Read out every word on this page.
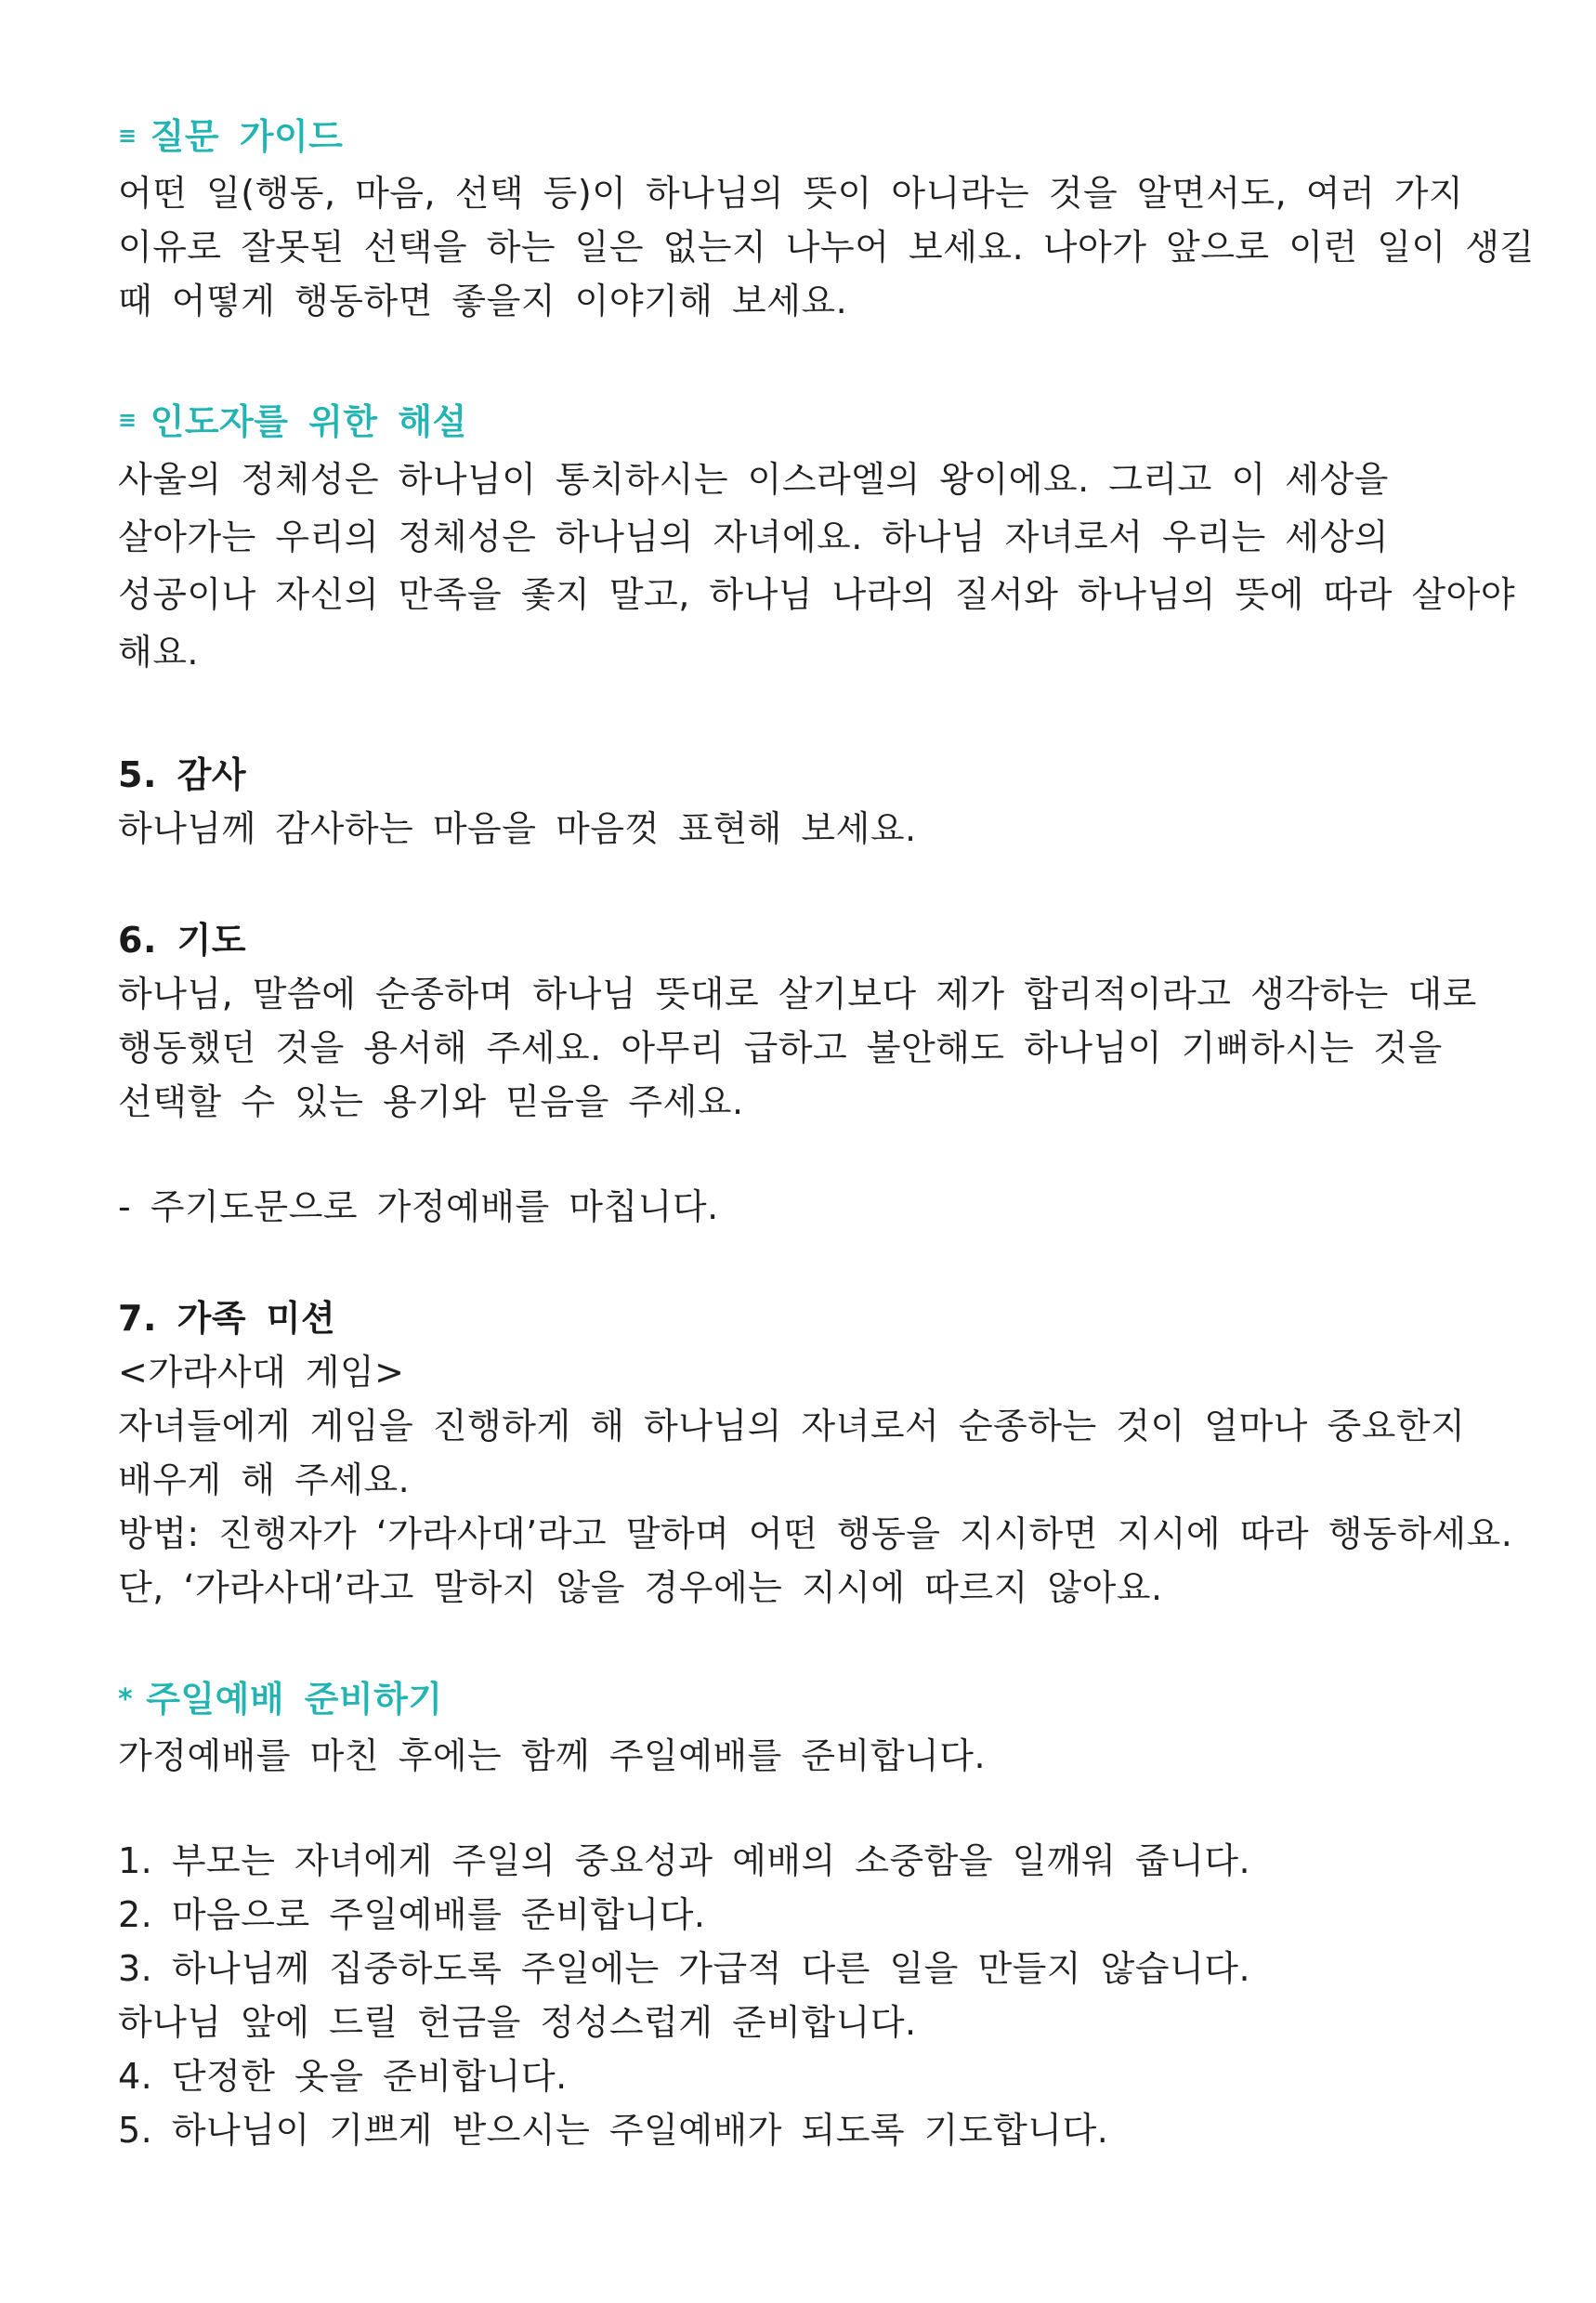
≡ 질문 가이드
어떤 일(행동, 마음, 선택 등)이 하나님의 뜻이 아니라는 것을 알면서도, 여러 가지
이유로 잘못된 선택을 하는 일은 없는지 나누어 보세요. 나아가 앞으로 이런 일이 생길
때 어떻게 행동하면 좋을지 이야기해 보세요.
≡ 인도자를 위한 해설
사울의 정체성은 하나님이 통치하시는 이스라엘의 왕이에요. 그리고 이 세상을
살아가는 우리의 정체성은 하나님의 자녀에요. 하나님 자녀로서 우리는 세상의
성공이나 자신의 만족을 좇지 말고, 하나님 나라의 질서와 하나님의 뜻에 따라 살아야
해요.
5. 감사
하나님께 감사하는 마음을 마음껏 표현해 보세요.
6. 기도
하나님, 말씀에 순종하며 하나님 뜻대로 살기보다 제가 합리적이라고 생각하는 대로
행동했던 것을 용서해 주세요. 아무리 급하고 불안해도 하나님이 기뻐하시는 것을
선택할 수 있는 용기와 믿음을 주세요.
- 주기도문으로 가정예배를 마칩니다.
7. 가족 미션
<가라사대 게임>
자녀들에게 게임을 진행하게 해 하나님의 자녀로서 순종하는 것이 얼마나 중요한지
배우게 해 주세요.
방법: 진행자가 ‘가라사대’라고 말하며 어떤 행동을 지시하면 지시에 따라 행동하세요.
단, ‘가라사대’라고 말하지 않을 경우에는 지시에 따르지 않아요.
* 주일예배 준비하기
가정예배를 마친 후에는 함께 주일예배를 준비합니다.
1. 부모는 자녀에게 주일의 중요성과 예배의 소중함을 일깨워 줍니다.
2. 마음으로 주일예배를 준비합니다.
3. 하나님께 집중하도록 주일에는 가급적 다른 일을 만들지 않습니다.
하나님 앞에 드릴 헌금을 정성스럽게 준비합니다.
4. 단정한 옷을 준비합니다.
5. 하나님이 기쁘게 받으시는 주일예배가 되도록 기도합니다.
